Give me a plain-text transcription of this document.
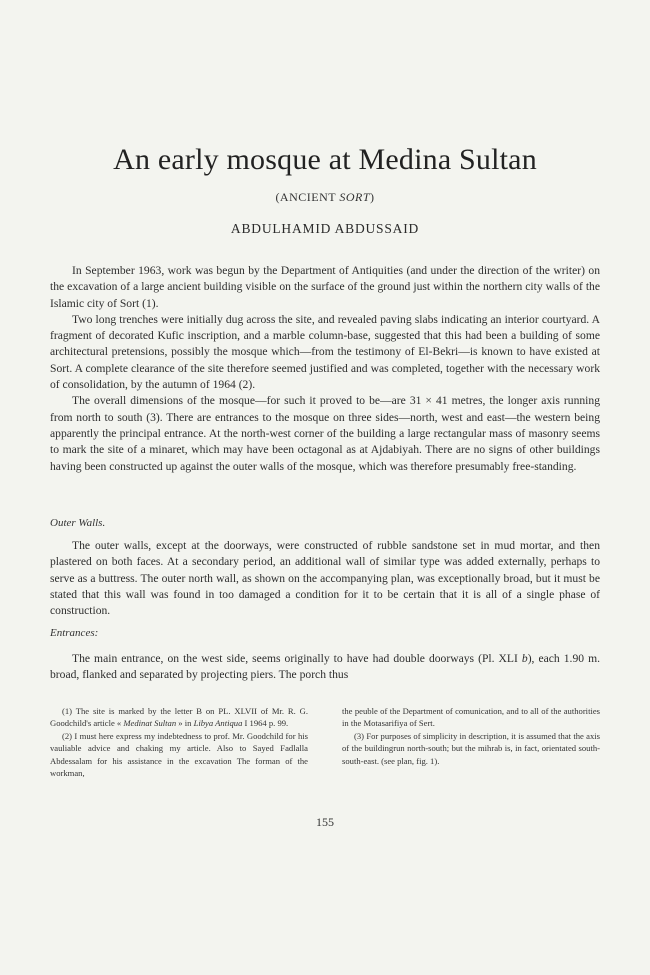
An early mosque at Medina Sultan
(ANCIENT SORT)
ABDULHAMID ABDUSSAID

In September 1963, work was begun by the Department of Antiquities (and under the direction of the writer) on the excavation of a large ancient building visible on the surface of the ground just within the northern city walls of the Islamic city of Sort (1).

Two long trenches were initially dug across the site, and revealed paving slabs indicating an interior courtyard. A fragment of decorated Kufic inscription, and a marble column-base, suggested that this had been a building of some architectural pretensions, possibly the mosque which—from the testimony of El-Bekri—is known to have existed at Sort. A complete clearance of the site therefore seemed justified and was completed, together with the necessary work of consolidation, by the autumn of 1964 (2).

The overall dimensions of the mosque—for such it proved to be—are 31 × 41 metres, the longer axis running from north to south (3). There are entrances to the mosque on three sides—north, west and east—the western being apparently the principal entrance. At the north-west corner of the building a large rectangular mass of masonry seems to mark the site of a minaret, which may have been octagonal as at Ajdabiyah. There are no signs of other buildings having been constructed up against the outer walls of the mosque, which was therefore presumably free-standing.

Outer Walls.

The outer walls, except at the doorways, were constructed of rubble sandstone set in mud mortar, and then plastered on both faces. At a secondary period, an additional wall of similar type was added externally, perhaps to serve as a buttress. The outer north wall, as shown on the accompanying plan, was exceptionally broad, but it must be stated that this wall was found in too damaged a condition for it to be certain that it is all of a single phase of construction.

Entrances:

The main entrance, on the west side, seems originally to have had double doorways (Pl. XLI b), each 1.90 m. broad, flanked and separated by projecting piers. The porch thus

(1) The site is marked by the letter B on PL. XLVII of Mr. R. G. Goodchild's article « Medinat Sultan » in Libya Antiqua I 1964 p. 99.

(2) I must here express my indebtedness to prof. Mr. Goodchild for his vauliable advice and chaking my article. Also to Sayed Fadlalla Abdessalam for his assistance in the excavation The forman of the workman,

the peuble of the Department of comunication, and to all of the authorities in the Motasarifiya of Sert.

(3) For purposes of simplicity in description, it is assumed that the axis of the buildingrun north-south; but the mihrab is, in fact, orientated south-south-east. (see plan, fig. 1).

155
